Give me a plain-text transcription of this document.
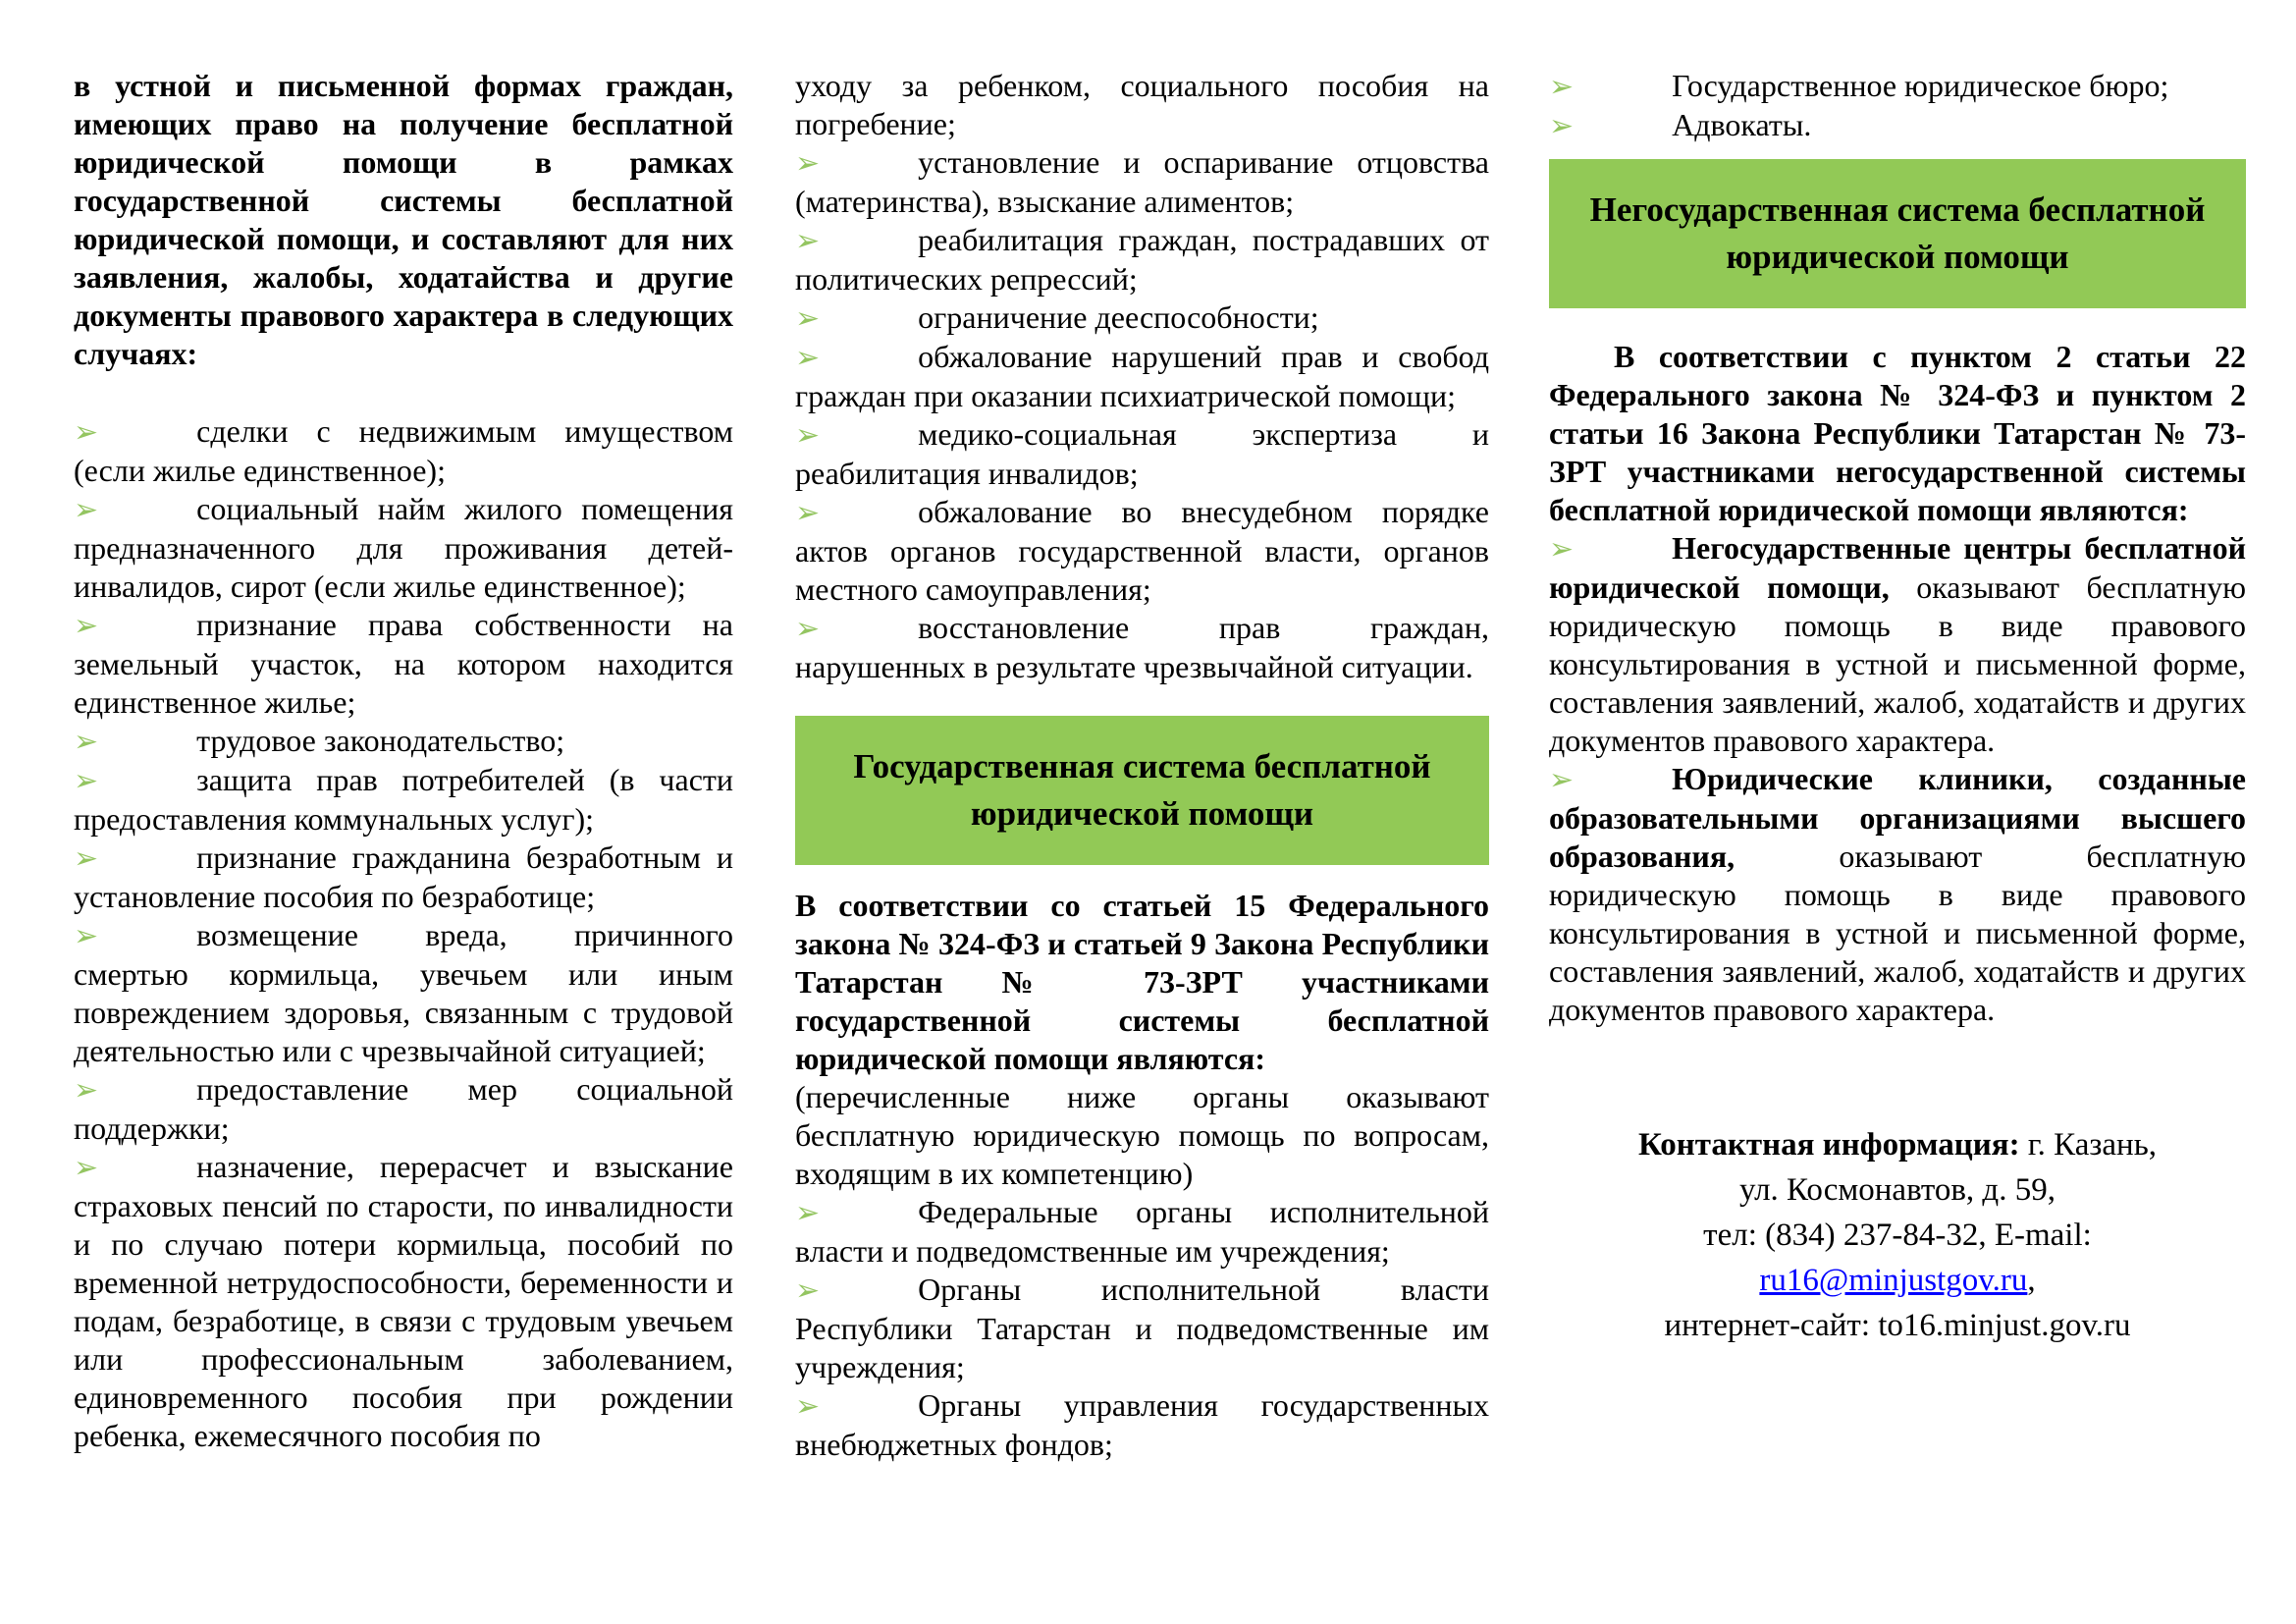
в устной и письменной формах граждан, имеющих право на получение бесплатной юридической помощи в рамках государственной системы бесплатной юридической помощи, и составляют для них заявления, жалобы, ходатайства и другие документы правового характера в следующих случаях:

➢	сделки с недвижимым имуществом (если жилье единственное);

➢	социальный найм жилого помещения предназначенного для проживания детей-инвалидов, сирот (если жилье единственное);

➢	признание права собственности на земельный участок, на котором находится единственное жилье;

➢	трудовое законодательство;

➢	защита прав потребителей (в части предоставления коммунальных услуг);

➢	признание гражданина безработным и установление пособия по безработице;

➢	возмещение вреда, причинного смертью кормильца, увечьем или иным повреждением здоровья, связанным с трудовой деятельностью или с чрезвычайной ситуацией;

➢	предоставление мер социальной поддержки;

➢	назначение, перерасчет и взыскание страховых пенсий по старости, по инвалидности и по случаю потери кормильца, пособий по временной нетрудоспособности, беременности и подам, безработице, в связи с трудовым увечьем или профессиональным заболеванием, единовременного пособия при рождении ребенка, ежемесячного пособия по

уходу за ребенком, социального пособия на погребение;

➢	установление и оспаривание отцовства (материнства), взыскание алиментов;

➢	реабилитация граждан, пострадавших от политических репрессий;

➢	ограничение дееспособности;

➢	обжалование нарушений прав и свобод граждан при оказании психиатрической помощи;

➢	медико-социальная экспертиза и реабилитация инвалидов;

➢	обжалование во внесудебном порядке актов органов государственной власти, органов местного самоуправления;

➢	восстановление прав граждан, нарушенных в результате чрезвычайной ситуации.

Государственная система бесплатной юридической помощи

В соответствии со статьей 15 Федерального закона № 324-ФЗ и статьей 9 Закона Республики Татарстан № 73-ЗРТ участниками государственной системы бесплатной юридической помощи являются:

(перечисленные ниже органы оказывают бесплатную юридическую помощь по вопросам, входящим в их компетенцию)

➢	Федеральные органы исполнительной власти и подведомственные им учреждения;

➢	Органы исполнительной власти Республики Татарстан и подведомственные им учреждения;

➢	Органы управления государственных внебюджетных фондов;

➢	Государственное юридическое бюро;

➢	Адвокаты.

Негосударственная система бесплатной юридической помощи

В соответствии с пунктом 2 статьи 22 Федерального закона № 324-ФЗ и пунктом 2 статьи 16 Закона Республики Татарстан № 73-ЗРТ участниками негосударственной системы бесплатной юридической помощи являются:

➢	Негосударственные центры бесплатной юридической помощи, оказывают бесплатную юридическую помощь в виде правового консультирования в устной и письменной форме, составления заявлений, жалоб, ходатайств и других документов правового характера.

➢	Юридические клиники, созданные образовательными организациями высшего образования, оказывают бесплатную юридическую помощь в виде правового консультирования в устной и письменной форме, составления заявлений, жалоб, ходатайств и других документов правового характера.

Контактная информация: г. Казань,
ул. Космонавтов, д. 59,
тел: (834) 237-84-32, E-mail:
ru16@minjustgov.ru,
интернет-сайт: to16.minjust.gov.ru
